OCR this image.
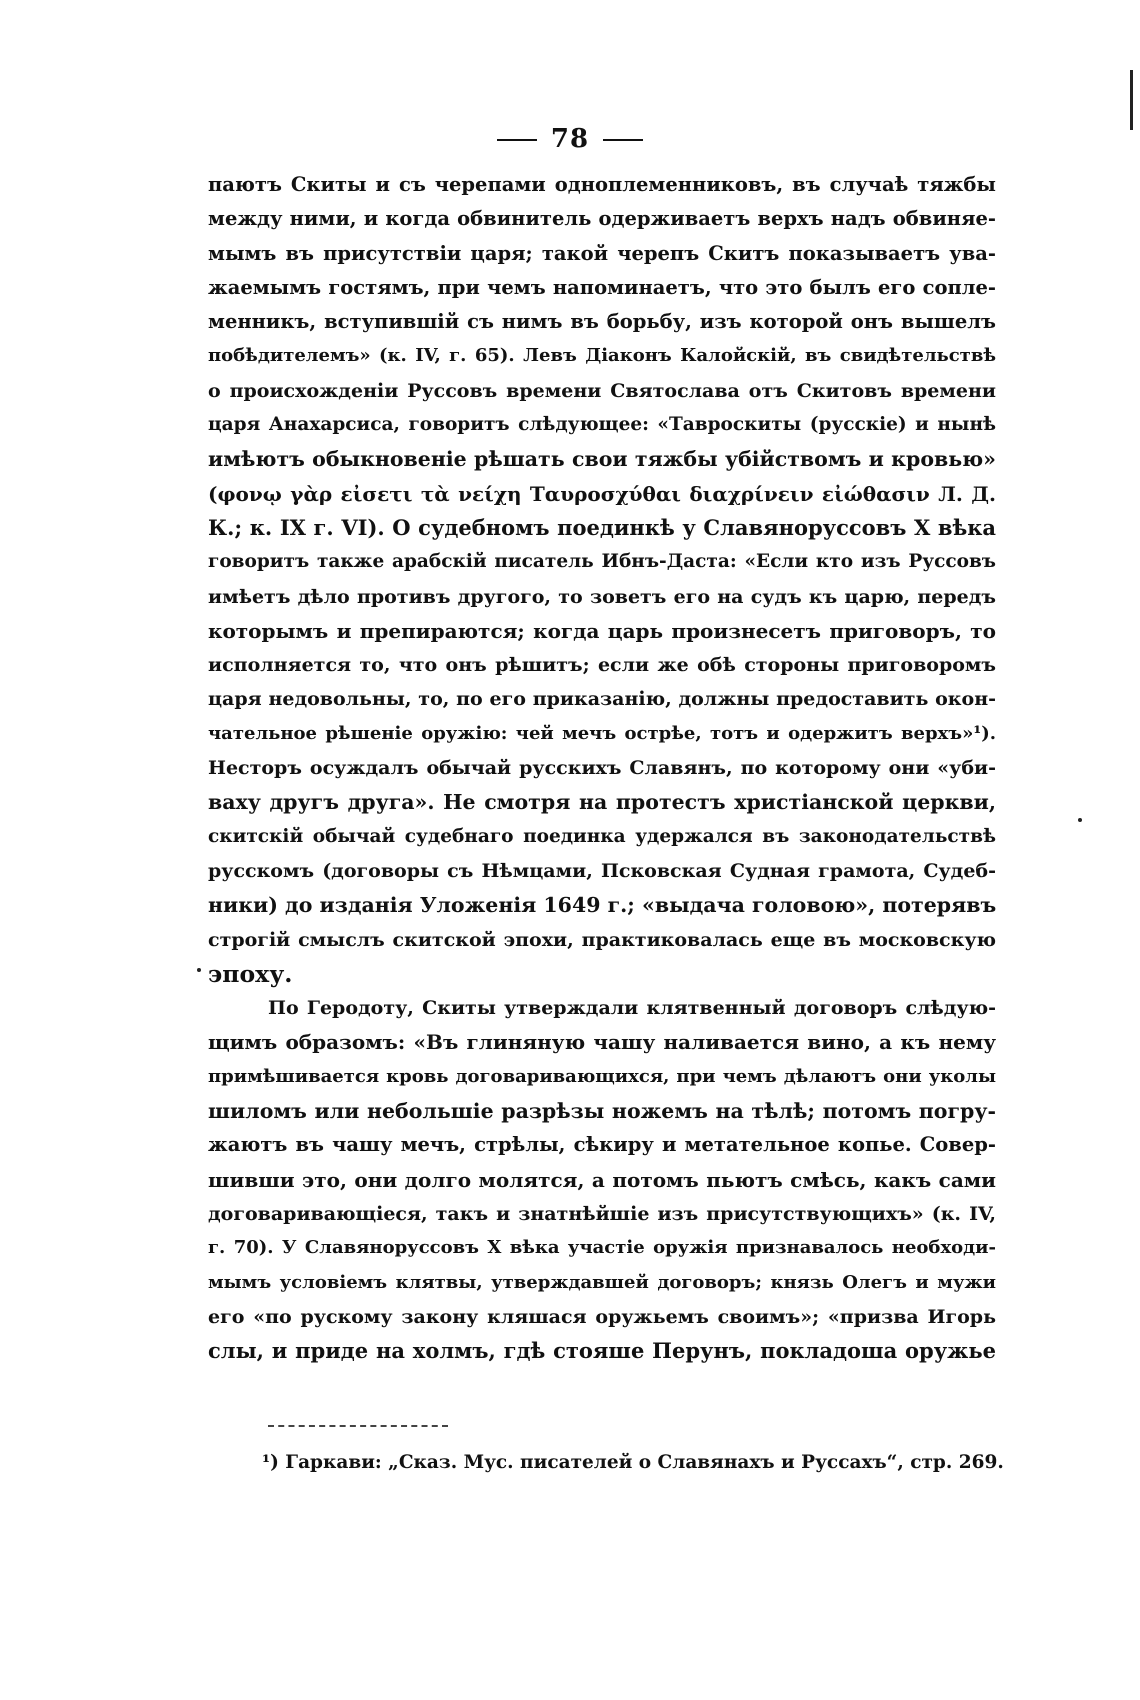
78
паютъ Скиты и съ черепами одноплеменниковъ, въ случаѣ тяжбы
между ними, и когда обвинитель одерживаетъ верхъ надъ обвиняе-
мымъ въ присутствіи царя; такой черепъ Скитъ показываетъ ува-
жаемымъ гостямъ, при чемъ напоминаетъ, что это былъ его сопле-
менникъ, вступившій съ нимъ въ борьбу, изъ которой онъ вышелъ
побѣдителемъ» (к. IV, г. 65). Левъ Діаконъ Калойскій, въ свидѣтельствѣ
о происхожденіи Руссовъ времени Святослава отъ Скитовъ времени
царя Анахарсиса, говоритъ слѣдующее: «Тавроскиты (русскіе) и нынѣ
имѣютъ обыкновеніе рѣшать свои тяжбы убійствомъ и кровью»
(φονῳ γὰρ εἰσετι τὰ νείχη Ταυροσχύθαι διαχρίνειν εἰώθασιν Л. Д.
К.; к. IX г. VI). О судебномъ поединкѣ у Славянорусcовъ X вѣка
говоритъ также арабскій писатель Ибнъ-Даста: «Если кто изъ Руссовъ
имѣетъ дѣло противъ другого, то зоветъ его на судъ къ царю, передъ
которымъ и препираются; когда царь произнесетъ приговоръ, то
исполняется то, что онъ рѣшитъ; если же обѣ стороны приговоромъ
царя недовольны, то, по его приказанію, должны предоставить окон-
чательное рѣшеніе оружію: чей мечъ острѣе, тотъ и одержитъ верхъ»¹).
Несторъ осуждалъ обычай русскихъ Славянъ, по которому они «уби-
ваху другъ друга». Не смотря на протестъ христіанской церкви,
скитскій обычай судебнаго поединка удержался въ законодательствѣ
русскомъ (договоры съ Нѣмцами, Псковская Судная грамота, Судеб-
ники) до изданія Уложенія 1649 г.; «выдача головою», потерявъ
строгій смыслъ скитской эпохи, практиковалась еще въ московскую
эпоху.
По Геродоту, Скиты утверждали клятвенный договоръ слѣдую-
щимъ образомъ: «Въ глиняную чашу наливается вино, а къ нему
примѣшивается кровь договаривающихся, при чемъ дѣлаютъ они уколы
шиломъ или небольшіе разрѣзы ножемъ на тѣлѣ; потомъ погру-
жаютъ въ чашу мечъ, стрѣлы, сѣкиру и метательное копье. Совер-
шивши это, они долго молятся, а потомъ пьютъ смѣсь, какъ сами
договаривающіеся, такъ и знатнѣйшіе изъ присутствующихъ» (к. IV,
г. 70). У Славянорусcовъ X вѣка участіе оружія признавалось необходи-
мымъ условіемъ клятвы, утверждавшей договоръ; князь Олегъ и мужи
его «по рускому закону кляшася оружьемъ своимъ»; «призва Игорь
слы, и приде на холмъ, гдѣ стояше Перунъ, покладоша оружье
¹) Гаркави: „Сказ. Мус. писателей о Славянахъ и Руссахъ“, стр. 269.
